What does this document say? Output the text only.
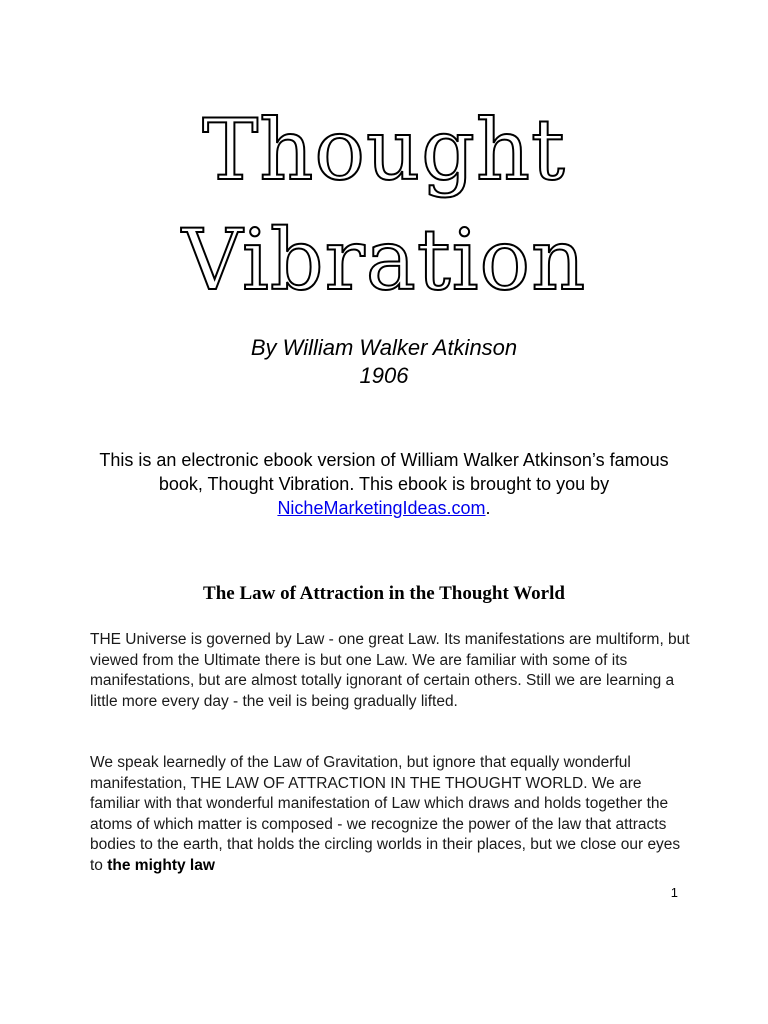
Thought
Vibration
By William Walker Atkinson
1906

This is an electronic ebook version of William Walker Atkinson’s famous book, Thought Vibration. This ebook is brought to you by
NicheMarketingIdeas.com.

The Law of Attraction in the Thought World

THE Universe is governed by Law - one great Law. Its manifestations are multiform, but viewed from the Ultimate there is but one Law. We are familiar with some of its manifestations, but are almost totally ignorant of certain others. Still we are learning a little more every day - the veil is being gradually lifted.

We speak learnedly of the Law of Gravitation, but ignore that equally wonderful manifestation, THE LAW OF ATTRACTION IN THE THOUGHT WORLD. We are familiar with that wonderful manifestation of Law which draws and holds together the atoms of which matter is composed - we recognize the power of the law that attracts bodies to the earth, that holds the circling worlds in their places, but we close our eyes to the mighty law

1
